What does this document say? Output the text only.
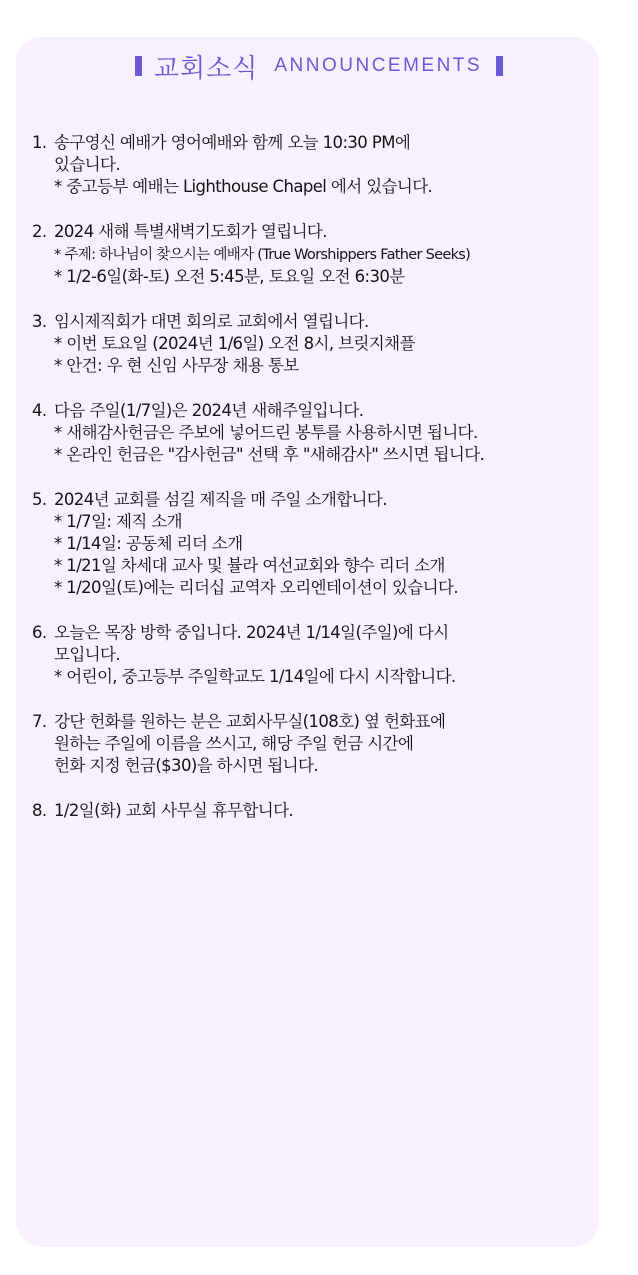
교회소식 ANNOUNCEMENTS
1. 송구영신 예배가 영어예배와 함께 오늘 10:30 PM에
있습니다.
* 중고등부 예배는 Lighthouse Chapel 에서 있습니다.
2. 2024 새해 특별새벽기도회가 열립니다.
* 주제: 하나님이 찾으시는 예배자 (True Worshippers Father Seeks)
* 1/2-6일(화-토) 오전 5:45분, 토요일 오전 6:30분
3. 임시제직회가 대면 회의로 교회에서 열립니다.
* 이번 토요일 (2024년 1/6일) 오전 8시, 브릿지채플
* 안건: 우 현 신임 사무장 채용 통보
4. 다음 주일(1/7일)은 2024년 새해주일입니다.
* 새해감사헌금은 주보에 넣어드린 봉투를 사용하시면 됩니다.
* 온라인 헌금은 "감사헌금" 선택 후 "새해감사" 쓰시면 됩니다.
5. 2024년 교회를 섬길 제직을 매 주일 소개합니다.
* 1/7일: 제직 소개
* 1/14일: 공동체 리더 소개
* 1/21일 차세대 교사 및 뷸라 여선교회와 향수 리더 소개
* 1/20일(토)에는 리더십 교역자 오리엔테이션이 있습니다.
6. 오늘은 목장 방학 중입니다. 2024년 1/14일(주일)에 다시
모입니다.
* 어린이, 중고등부 주일학교도 1/14일에 다시 시작합니다.
7. 강단 헌화를 원하는 분은 교회사무실(108호) 옆 헌화표에
원하는 주일에 이름을 쓰시고, 해당 주일 헌금 시간에
헌화 지정 헌금($30)을 하시면 됩니다.
8. 1/2일(화) 교회 사무실 휴무합니다.
